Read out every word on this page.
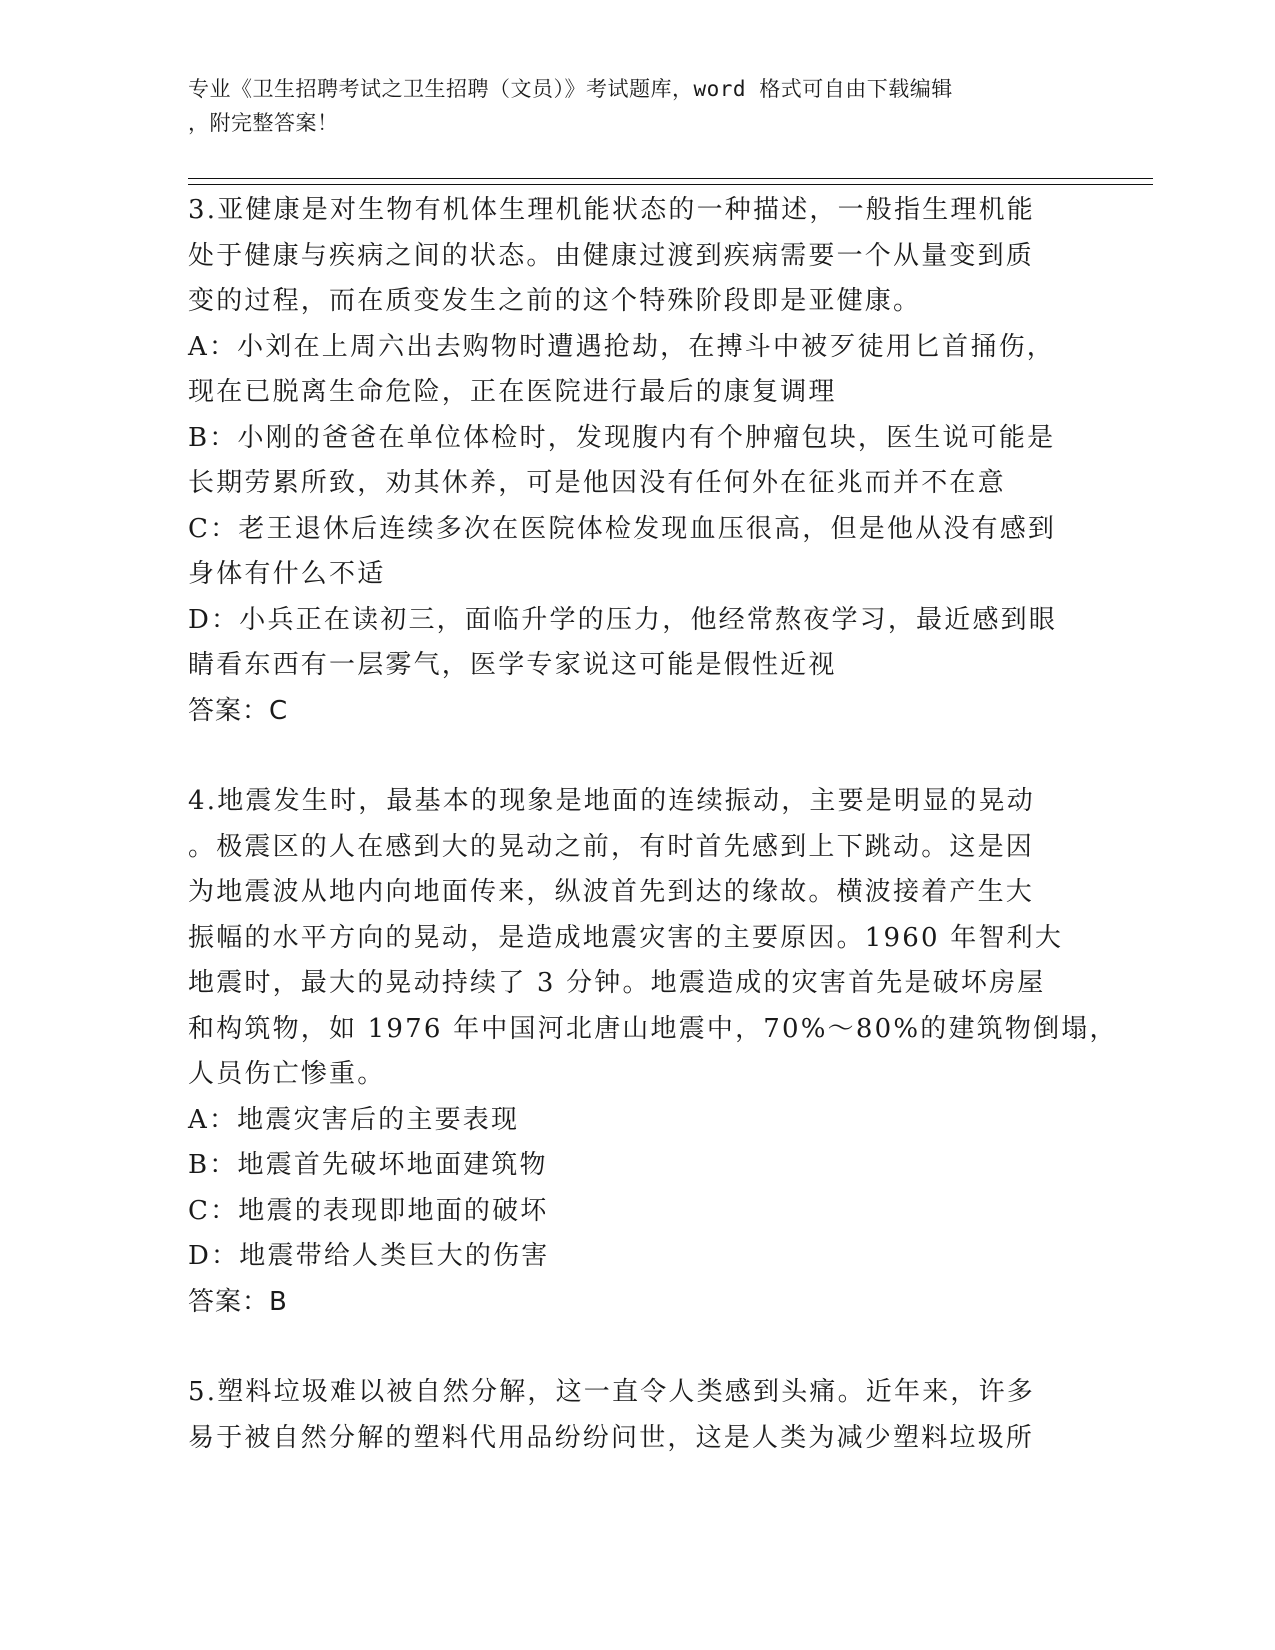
专业《卫生招聘考试之卫生招聘（文员）》考试题库，word 格式可自由下载编辑
，附完整答案！

3.亚健康是对生物有机体生理机能状态的一种描述，一般指生理机能

处于健康与疾病之间的状态。由健康过渡到疾病需要一个从量变到质

变的过程，而在质变发生之前的这个特殊阶段即是亚健康。

A：小刘在上周六出去购物时遭遇抢劫，在搏斗中被歹徒用匕首捅伤，

现在已脱离生命危险，正在医院进行最后的康复调理

B：小刚的爸爸在单位体检时，发现腹内有个肿瘤包块，医生说可能是

长期劳累所致，劝其休养，可是他因没有任何外在征兆而并不在意

C：老王退休后连续多次在医院体检发现血压很高，但是他从没有感到

身体有什么不适

D：小兵正在读初三，面临升学的压力，他经常熬夜学习，最近感到眼

睛看东西有一层雾气，医学专家说这可能是假性近视

答案：C

4.地震发生时，最基本的现象是地面的连续振动，主要是明显的晃动

。极震区的人在感到大的晃动之前，有时首先感到上下跳动。这是因

为地震波从地内向地面传来，纵波首先到达的缘故。横波接着产生大

振幅的水平方向的晃动，是造成地震灾害的主要原因。1960 年智利大

地震时，最大的晃动持续了 3 分钟。地震造成的灾害首先是破坏房屋

和构筑物，如 1976 年中国河北唐山地震中，70%～80%的建筑物倒塌，

人员伤亡惨重。

A：地震灾害后的主要表现

B：地震首先破坏地面建筑物

C：地震的表现即地面的破坏

D：地震带给人类巨大的伤害

答案：B

5.塑料垃圾难以被自然分解，这一直令人类感到头痛。近年来，许多

易于被自然分解的塑料代用品纷纷问世，这是人类为减少塑料垃圾所
